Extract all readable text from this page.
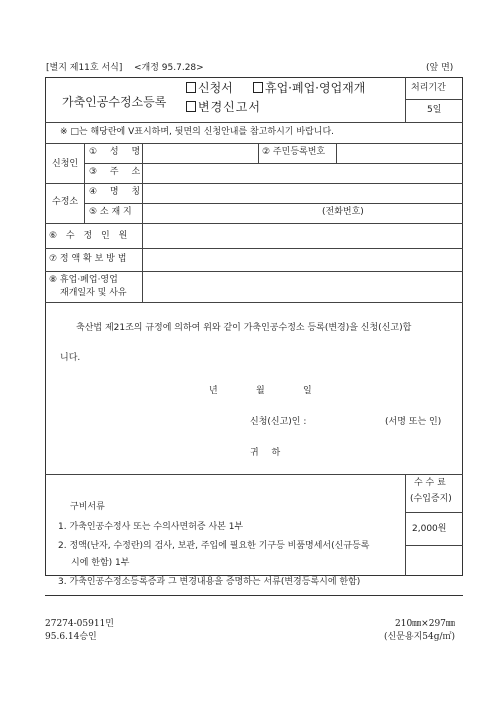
[별지 제11호 서식] <개정 95.7.28>	(앞 면)
가축인공수정소등록
신청서	휴업·폐업·영업재개
변경신고서
처리기간
5일
※ □는 해당란에 V표시하며, 뒷면의 신청안내를 참고하시기 바랍니다.
신청인
① 성 명	② 주민등록번호
③ 주 소
수정소
④ 명 칭
⑤ 소 재 지	(전화번호)
⑥ 수 정 인 원
⑦ 정 액 확 보 방 법
⑧ 휴업·폐업·영업
재개일자 및 사유
축산법 제21조의 규정에 의하여 위와 같이 가축인공수정소 등록(변경)을 신청(신고)합
니다.
년	월	일
신청(신고)인 :	(서명 또는 인)
귀 하
구비서류
1. 가축인공수정사 또는 수의사면허증 사본 1부
2. 정액(난자, 수정란)의 검사, 보관, 주입에 필요한 기구등 비품명세서(신규등록
시에 한함) 1부
3. 가축인공수정소등록증과 그 변경내용을 증명하는 서류(변경등록시에 한함)
수 수 료
(수입증지)
2,000원
27274-05911민
95.6.14승인
210㎜×297㎜
(신문용지54g/㎡)
